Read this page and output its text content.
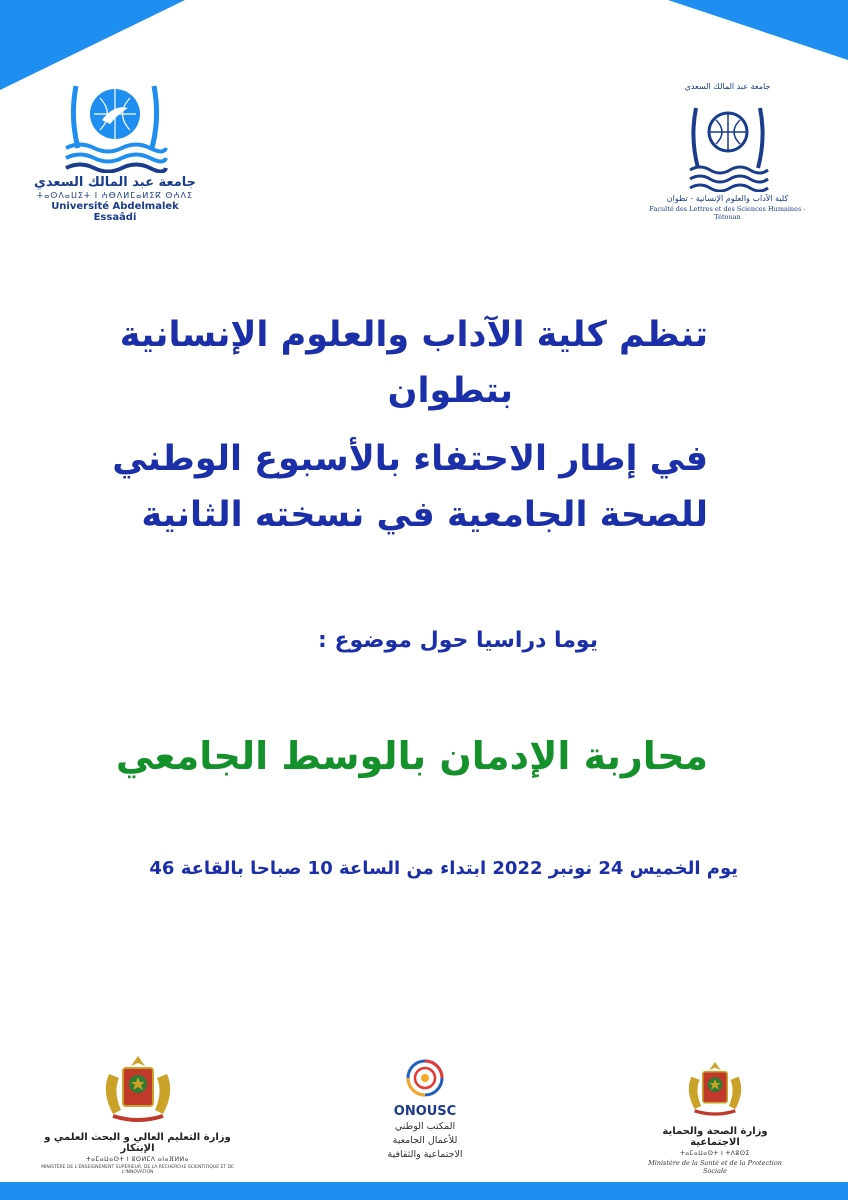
جامعة عبد المالك السعدي
ⵜⴰⵙⴷⴰⵡⵉⵜ ⵏ ⵄⴱⴷⵍⵎⴰⵍⵉⴽ ⵙⵄⴷⵉ
Université Abdelmalek Essaâdi
جامعة عبد المالك السعدي
كلية الآداب والعلوم الإنسانية - تطوان
Faculté des Lettres et des Sciences Humaines - Tétouan
تنظم كلية الآداب والعلوم الإنسانية
بتطوان
في إطار الاحتفاء بالأسبوع الوطني
للصحة الجامعية في نسخته الثانية
يوما دراسيا حول موضوع :
محاربة الإدمان بالوسط الجامعي
يوم الخميس 24 نونبر 2022 ابتداء من الساعة 10 صباحا بالقاعة 46
وزارة التعليم العالي و البحث العلمي و الإبتكار
ⵜⴰⵎⴰⵡⴰⵙⵜ ⵏ ⵓⵙⵍⵎⴷ ⴰⵏⴰⴼⵍⵍⴰ
MINISTÈRE DE L'ENSEIGNEMENT SUPÉRIEUR, DE LA RECHERCHE SCIENTIFIQUE ET DE L'INNOVATION
ONOUSC
المكتب الوطني
للأعمال الجامعية
الاجتماعية والثقافية
وزارة الصحة والحماية الاجتماعية
ⵜⴰⵎⴰⵡⴰⵙⵜ ⵏ ⵜⴷⵓⵙⵉ
Ministère de la Santé et de la Protection Sociale
